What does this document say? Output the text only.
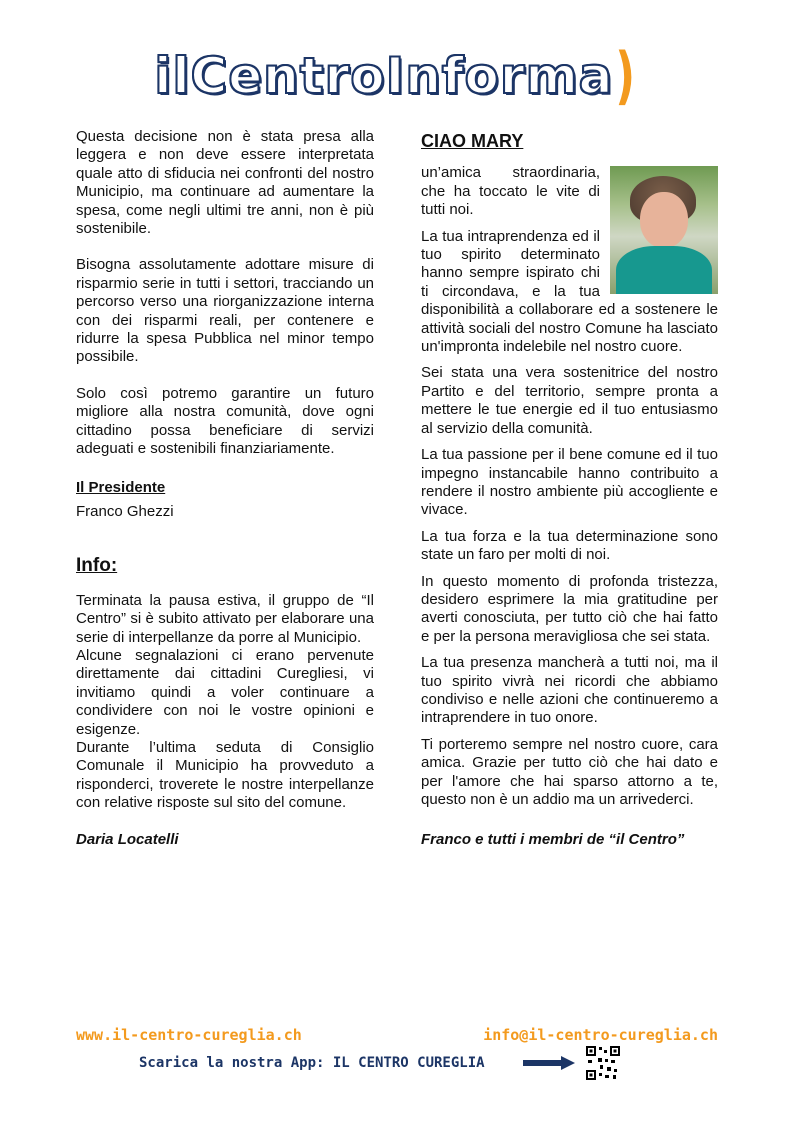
ilCentroInforma)

Questa decisione non è stata presa alla leggera e non deve essere interpretata quale atto di sfiducia nei confronti del nostro Municipio, ma continuare ad aumentare la spesa, come negli ultimi tre anni, non è più sostenibile.

Bisogna assolutamente adottare misure di risparmio serie in tutti i settori, tracciando un percorso verso una riorganizzazione interna con dei risparmi reali, per contenere e ridurre la spesa Pubblica nel minor tempo possibile.

Solo così potremo garantire un futuro migliore alla nostra comunità, dove ogni cittadino possa beneficiare di servizi adeguati e sostenibili finanziariamente.

Il Presidente
Franco Ghezzi
Info:

Terminata la pausa estiva, il gruppo de “Il Centro” si è subito attivato per elaborare una serie di interpellanze da porre al Municipio.

Alcune segnalazioni ci erano pervenute direttamente dai cittadini Curegliesi, vi invitiamo quindi a voler continuare a condividere con noi le vostre opinioni e esigenze.

Durante l’ultima seduta di Consiglio Comunale il Municipio ha provveduto a risponderci, troverete le nostre interpellanze con relative risposte sul sito del comune.

Daria Locatelli
CIAO MARY

un’amica straordinaria, che ha toccato le vite di tutti noi.

La tua intraprendenza ed il tuo spirito determinato hanno sempre ispirato chi ti circondava, e la tua disponibilità a collaborare ed a sostenere le attività sociali del nostro Comune ha lasciato un'impronta indelebile nel nostro cuore.

Sei stata una vera sostenitrice del nostro Partito e del territorio, sempre pronta a mettere le tue energie ed il tuo entusiasmo al servizio della comunità.

La tua passione per il bene comune ed il tuo impegno instancabile hanno contribuito a rendere il nostro ambiente più accogliente e vivace.

La tua forza e la tua determinazione sono state un faro per molti di noi.

In questo momento di profonda tristezza, desidero esprimere la mia gratitudine per averti conosciuta, per tutto ciò che hai fatto e per la persona meravigliosa che sei stata.

La tua presenza mancherà a tutti noi, ma il tuo spirito vivrà nei ricordi che abbiamo condiviso e nelle azioni che continueremo a intraprendere in tuo onore.

Ti porteremo sempre nel nostro cuore, cara amica. Grazie per tutto ciò che hai dato e per l'amore che hai sparso attorno a te, questo non è un addio ma un arrivederci.

Franco e tutti i membri de “il Centro”
www.il-centro-cureglia.ch	info@il-centro-cureglia.ch
Scarica la nostra App: IL CENTRO CUREGLIA
